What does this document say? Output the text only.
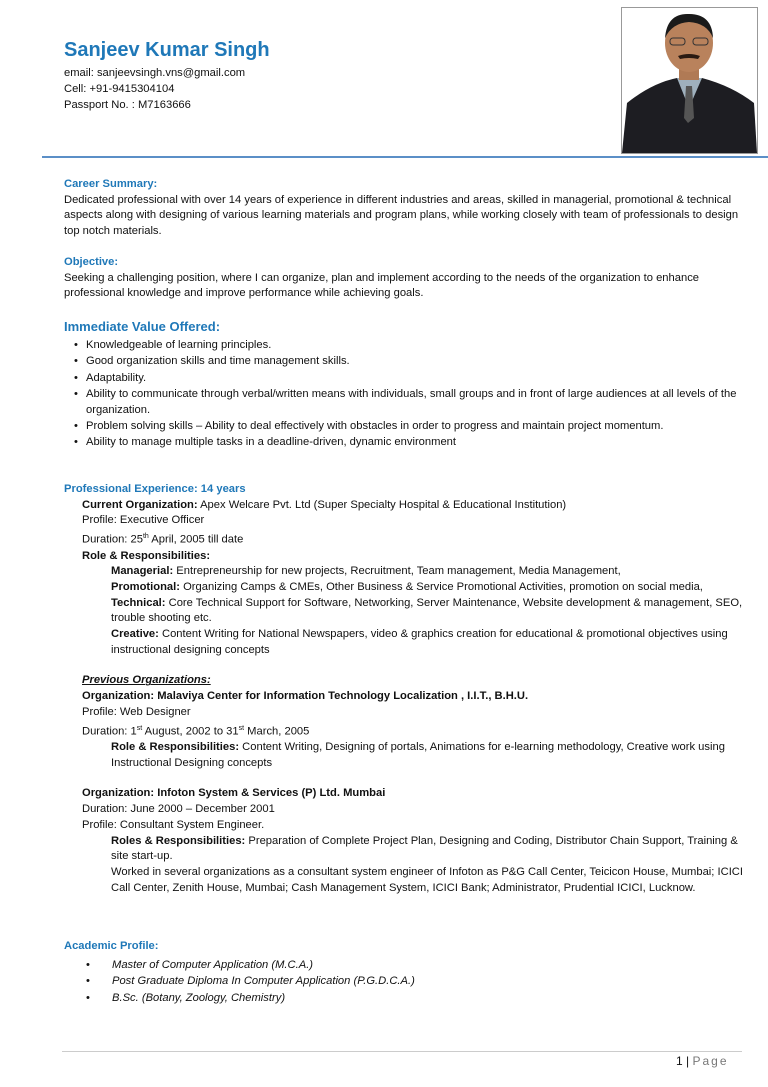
Sanjeev Kumar Singh
email: sanjeevsingh.vns@gmail.com
Cell: +91-9415304104
Passport No. : M7163666
Career Summary:
Dedicated professional with over 14 years of experience in different industries and areas, skilled in managerial, promotional & technical aspects along with designing of various learning materials and program plans, while working closely with team of professionals to design top notch materials.
Objective:
Seeking a challenging position, where I can organize, plan and implement according to the needs of the organization to enhance professional knowledge and improve performance while achieving goals.
Immediate Value Offered:
• Knowledgeable of learning principles.
• Good organization skills and time management skills.
• Adaptability.
• Ability to communicate through verbal/written means with individuals, small groups and in front of large audiences at all levels of the organization.
• Problem solving skills – Ability to deal effectively with obstacles in order to progress and maintain project momentum.
• Ability to manage multiple tasks in a deadline-driven, dynamic environment
Professional Experience: 14 years
Current Organization: Apex Welcare Pvt. Ltd (Super Specialty Hospital & Educational Institution)
Profile: Executive Officer
Duration: 25th April, 2005 till date
Role & Responsibilities:
Managerial: Entrepreneurship for new projects, Recruitment, Team management, Media Management,
Promotional: Organizing Camps & CMEs, Other Business & Service Promotional Activities, promotion on social media,
Technical: Core Technical Support for Software, Networking, Server Maintenance, Website development & management, SEO, trouble shooting etc.
Creative: Content Writing for National Newspapers, video & graphics creation for educational & promotional objectives using instructional designing concepts
Previous Organizations:
Organization: Malaviya Center for Information Technology Localization , I.I.T., B.H.U.
Profile: Web Designer
Duration: 1st August, 2002 to 31st March, 2005
Role & Responsibilities: Content Writing, Designing of portals, Animations for e-learning methodology, Creative work using Instructional Designing concepts
Organization: Infoton System & Services (P) Ltd. Mumbai
Duration: June 2000 – December 2001
Profile: Consultant System Engineer.
Roles & Responsibilities: Preparation of Complete Project Plan, Designing and Coding, Distributor Chain Support, Training & site start-up.
Worked in several organizations as a consultant system engineer of Infoton as P&G Call Center, Teicicon House, Mumbai; ICICI Call Center, Zenith House, Mumbai; Cash Management System, ICICI Bank; Administrator, Prudential ICICI, Lucknow.
Academic Profile:
• Master of Computer Application (M.C.A.)
• Post Graduate Diploma In Computer Application (P.G.D.C.A.)
• B.Sc. (Botany, Zoology, Chemistry)
1 | Page
